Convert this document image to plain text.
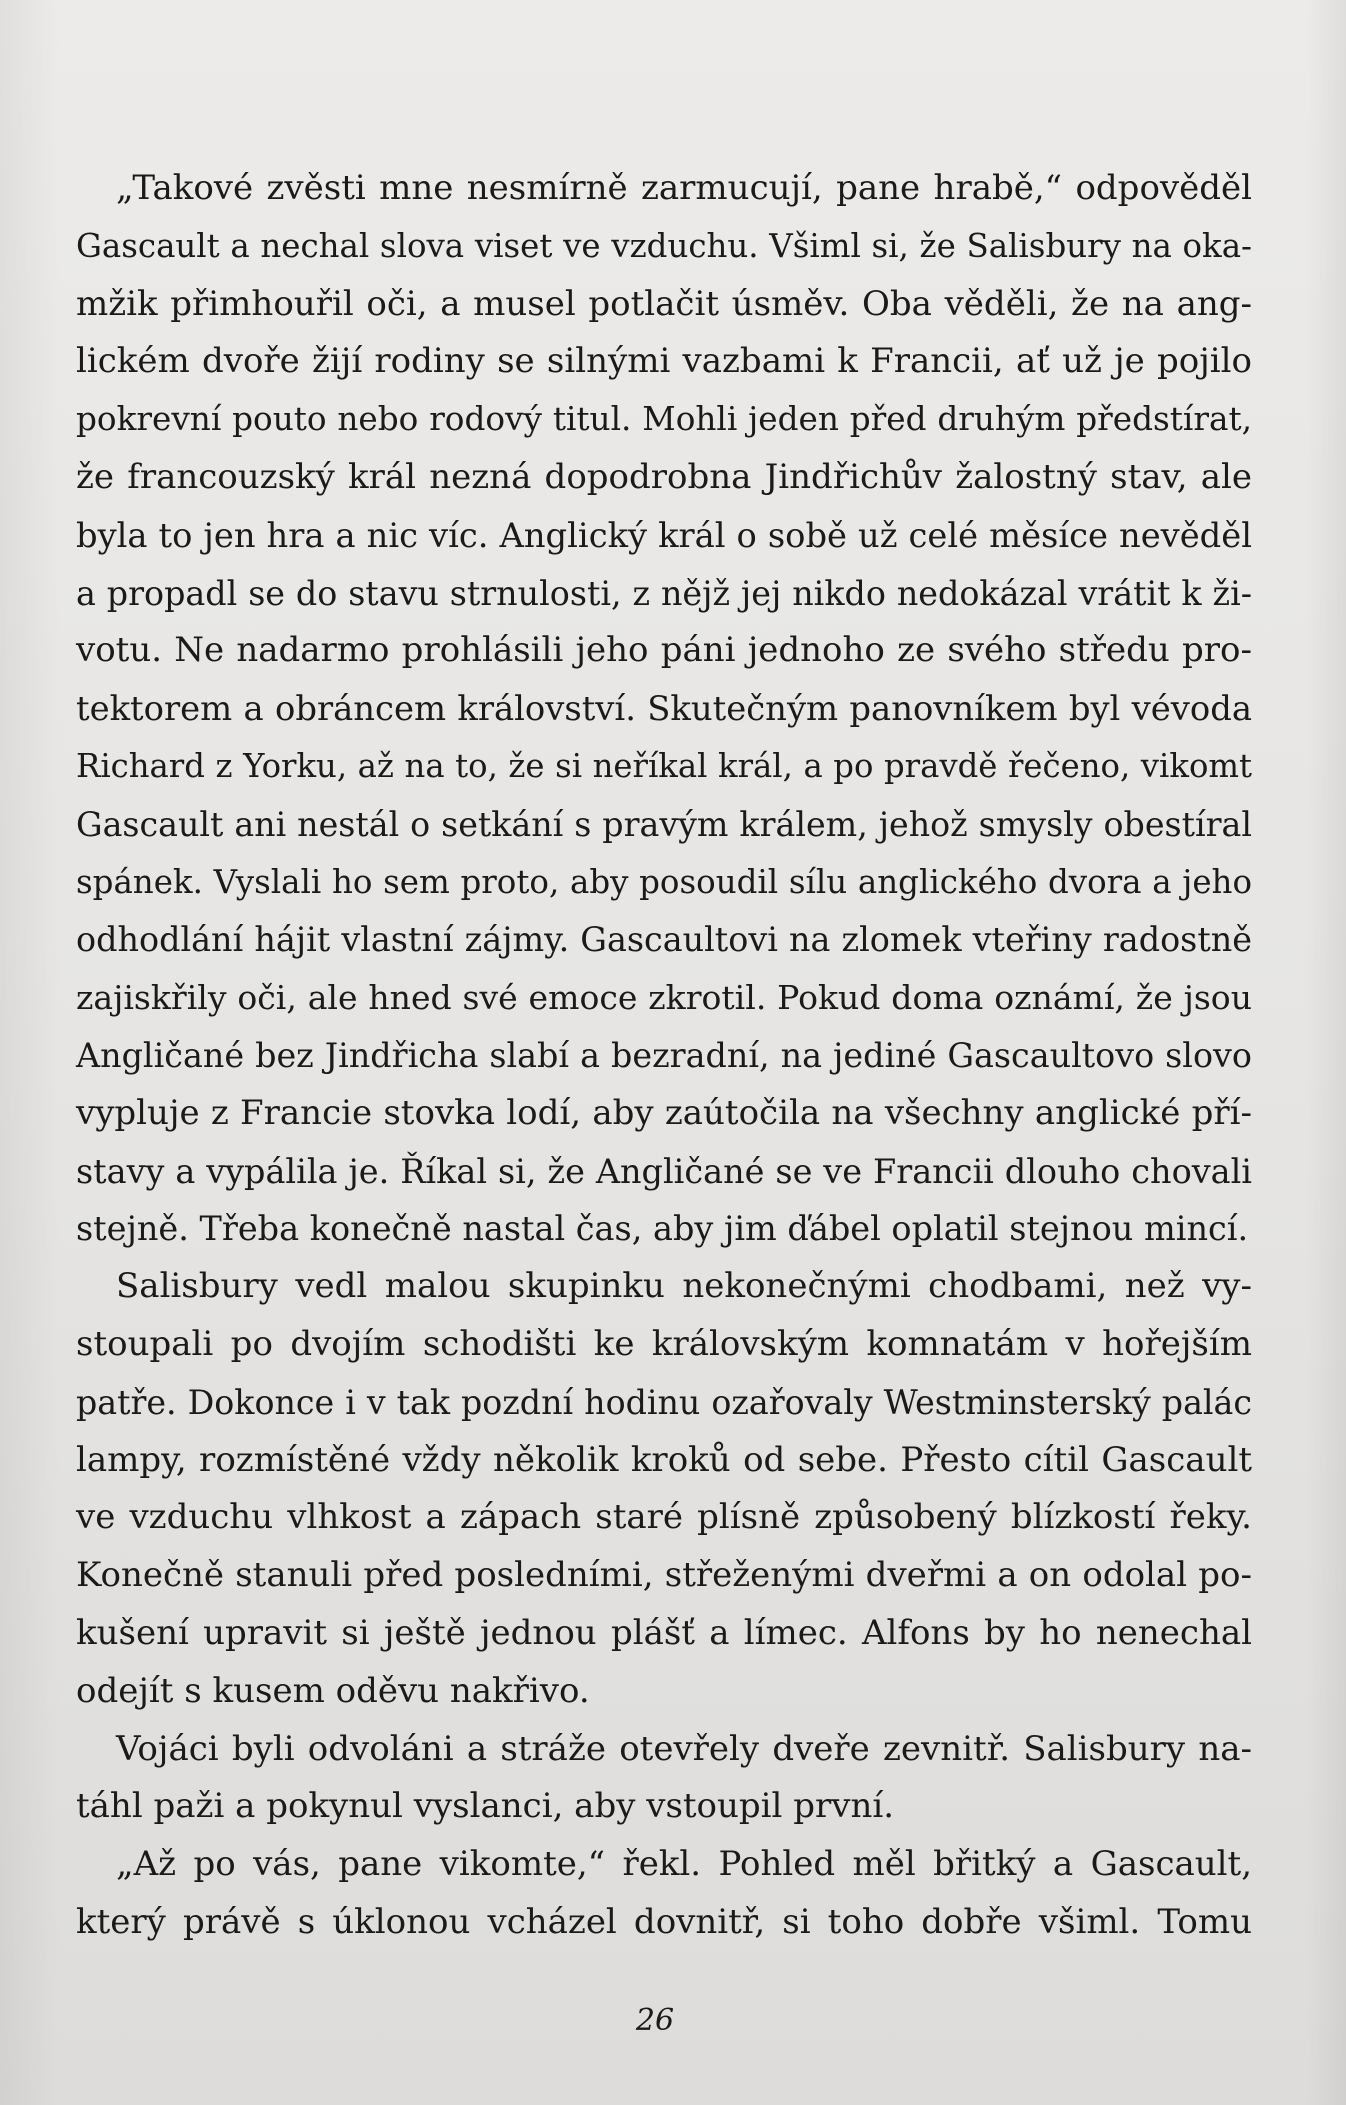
„Takové zvěsti mne nesmírně zarmucují, pane hrabě,“ odpověděl
Gascault a nechal slova viset ve vzduchu. Všiml si, že Salisbury na oka-
mžik přimhouřil oči, a musel potlačit úsměv. Oba věděli, že na ang-
lickém dvoře žijí rodiny se silnými vazbami k Francii, ať už je pojilo
pokrevní pouto nebo rodový titul. Mohli jeden před druhým předstírat,
že francouzský král nezná dopodrobna Jindřichův žalostný stav, ale
byla to jen hra a nic víc. Anglický král o sobě už celé měsíce nevěděl
a propadl se do stavu strnulosti, z nějž jej nikdo nedokázal vrátit k ži-
votu. Ne nadarmo prohlásili jeho páni jednoho ze svého středu pro-
tektorem a obráncem království. Skutečným panovníkem byl vévoda
Richard z Yorku, až na to, že si neříkal král, a po pravdě řečeno, vikomt
Gascault ani nestál o setkání s pravým králem, jehož smysly obestíral
spánek. Vyslali ho sem proto, aby posoudil sílu anglického dvora a jeho
odhodlání hájit vlastní zájmy. Gascaultovi na zlomek vteřiny radostně
zajiskřily oči, ale hned své emoce zkrotil. Pokud doma oznámí, že jsou
Angličané bez Jindřicha slabí a bezradní, na jediné Gascaultovo slovo
vypluje z Francie stovka lodí, aby zaútočila na všechny anglické pří-
stavy a vypálila je. Říkal si, že Angličané se ve Francii dlouho chovali
stejně. Třeba konečně nastal čas, aby jim ďábel oplatil stejnou mincí.
Salisbury vedl malou skupinku nekonečnými chodbami, než vy-
stoupali po dvojím schodišti ke královským komnatám v hořejším
patře. Dokonce i v tak pozdní hodinu ozařovaly Westminsterský palác
lampy, rozmístěné vždy několik kroků od sebe. Přesto cítil Gascault
ve vzduchu vlhkost a zápach staré plísně způsobený blízkostí řeky.
Konečně stanuli před posledními, střeženými dveřmi a on odolal po-
kušení upravit si ještě jednou plášť a límec. Alfons by ho nenechal
odejít s kusem oděvu nakřivo.
Vojáci byli odvoláni a stráže otevřely dveře zevnitř. Salisbury na-
táhl paži a pokynul vyslanci, aby vstoupil první.
„Až po vás, pane vikomte,“ řekl. Pohled měl břitký a Gascault,
který právě s úklonou vcházel dovnitř, si toho dobře všiml. Tomu
26
